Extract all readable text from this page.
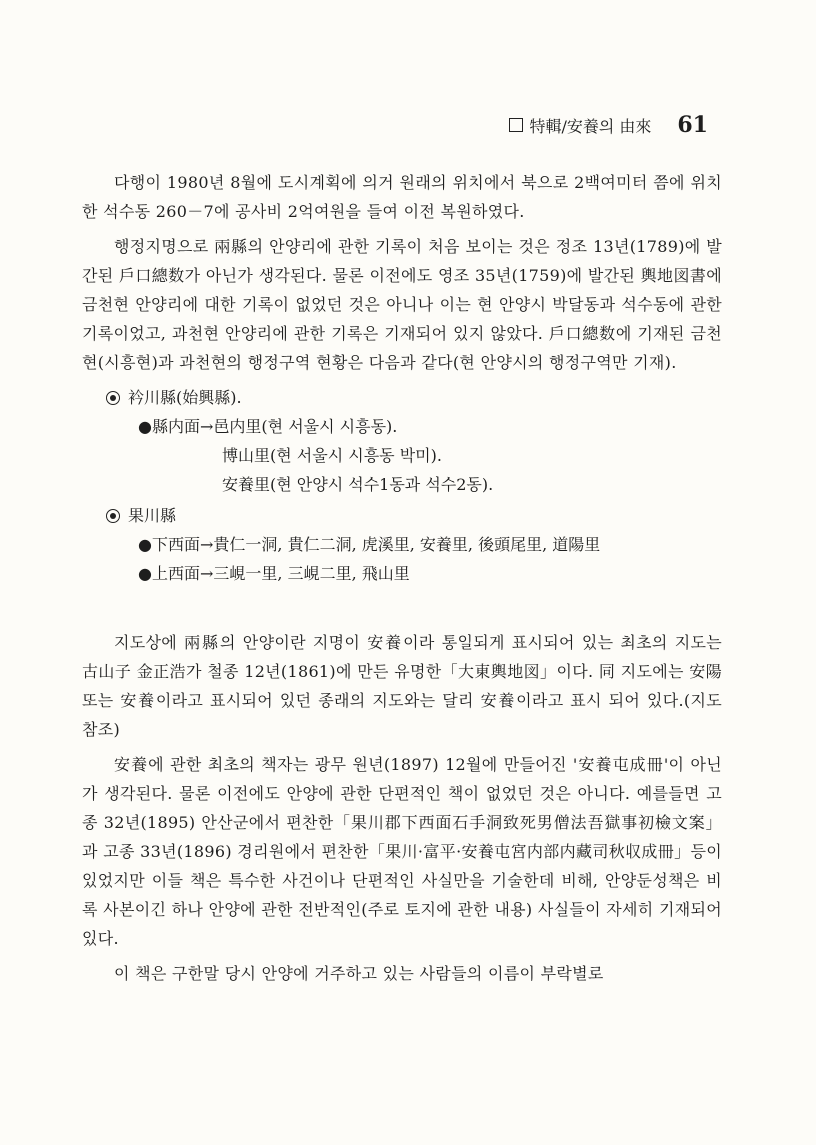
特輯/安養의 由來 61

다행이 1980년 8월에 도시계획에 의거 원래의 위치에서 북으로 2백여미터 쯤에 위치한 석수동 260－7에 공사비 2억여원을 들여 이전 복원하였다.

행정지명으로 兩縣의 안양리에 관한 기록이 처음 보이는 것은 정조 13년(1789)에 발간된 戶口總数가 아닌가 생각된다. 물론 이전에도 영조 35년(1759)에 발간된 輿地図書에 금천현 안양리에 대한 기록이 없었던 것은 아니나 이는 현 안양시 박달동과 석수동에 관한 기록이었고, 과천현 안양리에 관한 기록은 기재되어 있지 않았다. 戶口總数에 기재된 금천현(시흥현)과 과천현의 행정구역 현황은 다음과 같다(현 안양시의 행정구역만 기재).

衿川縣(始興縣).
● 縣内面→ 邑内里(현 서울시 시흥동).
博山里(현 서울시 시흥동 박미).
安養里(현 안양시 석수1동과 석수2동).
果川縣
● 下西面→貴仁一洞, 貴仁二洞, 虎溪里, 安養里, 後頭尾里, 道陽里
● 上西面→三峴一里, 三峴二里, 飛山里

지도상에 兩縣의 안양이란 지명이 安養이라 통일되게 표시되어 있는 최초의 지도는 古山子 金正浩가 철종 12년(1861)에 만든 유명한「大東輿地図」이다. 同 지도에는 安陽 또는 安養이라고 표시되어 있던 종래의 지도와는 달리 安養이라고 표시 되어 있다.(지도 참조)

安養에 관한 최초의 책자는 광무 원년(1897) 12월에 만들어진 '安養屯成冊'이 아닌가 생각된다. 물론 이전에도 안양에 관한 단편적인 책이 없었던 것은 아니다. 예를들면 고종 32년(1895) 안산군에서 편찬한「果川郡下西面石手洞致死男僧法吾獄事初檢文案」과 고종 33년(1896) 경리원에서 편찬한「果川·富平·安養屯宮内部内藏司秋収成冊」등이 있었지만 이들 책은 특수한 사건이나 단편적인 사실만을 기술한데 비해, 안양둔성책은 비록 사본이긴 하나 안양에 관한 전반적인(주로 토지에 관한 내용) 사실들이 자세히 기재되어 있다.

이 책은 구한말 당시 안양에 거주하고 있는 사람들의 이름이 부락별로
